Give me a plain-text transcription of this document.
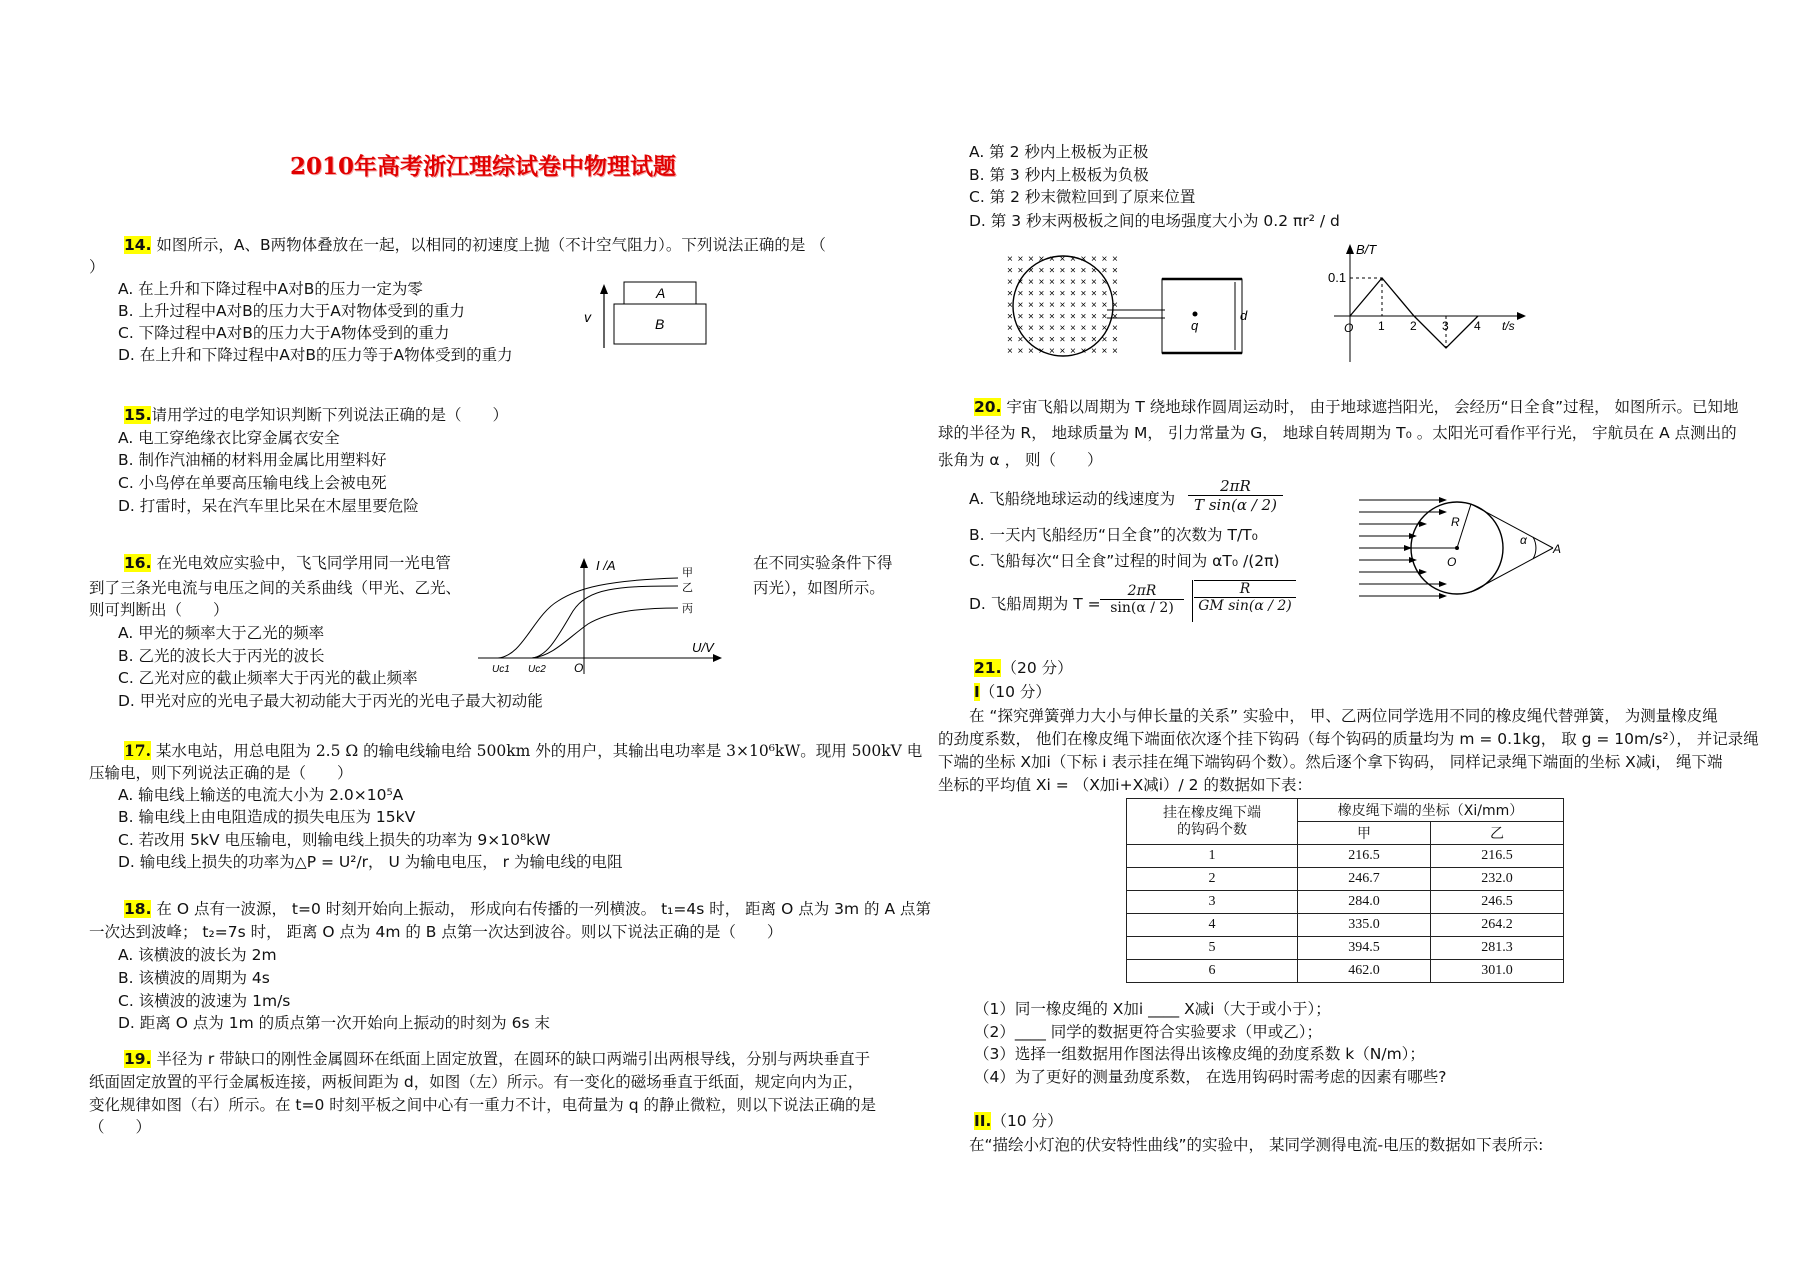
2010年高考浙江理综试卷中物理试题
14. 如图所示，A、B两物体叠放在一起，以相同的初速度上抛（不计空气阻力）。下列说法正确的是 （
）
A. 在上升和下降过程中A对B的压力一定为零
B. 上升过程中A对B的压力大于A对物体受到的重力
C. 下降过程中A对B的压力大于A物体受到的重力
D. 在上升和下降过程中A对B的压力等于A物体受到的重力
v
A
B
15.请用学过的电学知识判断下列说法正确的是（　　）
A. 电工穿绝缘衣比穿金属衣安全
B. 制作汽油桶的材料用金属比用塑料好
C. 小鸟停在单要高压输电线上会被电死
D. 打雷时，呆在汽车里比呆在木屋里要危险
16. 在光电效应实验中，飞飞同学用同一光电管	在不同实验条件下得
到了三条光电流与电压之间的关系曲线（甲光、乙光、	丙光），如图所示。
则可判断出（　　）
A. 甲光的频率大于乙光的频率
B. 乙光的波长大于丙光的波长
C. 乙光对应的截止频率大于丙光的截止频率
D. 甲光对应的光电子最大初动能大于丙光的光电子最大初动能
I /A
U/V
甲
乙
丙
Uc1 Uc2 O
17. 某水电站，用总电阻为 2.5 Ω 的输电线输电给 500km 外的用户，其输出电功率是 3×10⁶kW。现用 500kV 电
压输电，则下列说法正确的是（　　）
A. 输电线上输送的电流大小为 2.0×10⁵A
B. 输电线上由电阻造成的损失电压为 15kV
C. 若改用 5kV 电压输电，则输电线上损失的功率为 9×10⁸kW
D. 输电线上损失的功率为△P = U²/r， U 为输电电压， r 为输电线的电阻
18. 在 O 点有一波源， t=0 时刻开始向上振动， 形成向右传播的一列横波。 t₁=4s 时， 距离 O 点为 3m 的 A 点第
一次达到波峰； t₂=7s 时， 距离 O 点为 4m 的 B 点第一次达到波谷。则以下说法正确的是（　　）
A. 该横波的波长为 2m
B. 该横波的周期为 4s
C. 该横波的波速为 1m/s
D. 距离 O 点为 1m 的质点第一次开始向上振动的时刻为 6s 末
19. 半径为 r 带缺口的刚性金属圆环在纸面上固定放置，在圆环的缺口两端引出两根导线，分别与两块垂直于
纸面固定放置的平行金属板连接，两板间距为 d，如图（左）所示。有一变化的磁场垂直于纸面，规定向内为正，
变化规律如图（右）所示。在 t=0 时刻平板之间中心有一重力不计，电荷量为 q 的静止微粒，则以下说法正确的是
（　　）
A. 第 2 秒内上极板为正极
B. 第 3 秒内上极板为负极
C. 第 2 秒末微粒回到了原来位置
D. 第 3 秒末两极板之间的电场强度大小为 0.2 πr² / d
× × × × × × × × × × ×
× × × × × × × × × × ×
× × × × × × × × × × ×
× × × × × × × × × × ×
× × × × × × × × × × ×
× × × × × × × × × × ×
× × × × × × × × × × ×
× × × × × × × × × × ×
× × × × × × × × × × ×
q
d
B/T
0.1
O 1 2 3 4 t/s
20. 宇宙飞船以周期为 T 绕地球作圆周运动时， 由于地球遮挡阳光， 会经历“日全食”过程， 如图所示。已知地
球的半径为 R， 地球质量为 M， 引力常量为 G， 地球自转周期为 T₀ 。太阳光可看作平行光， 宇航员在 A 点测出的
张角为 α ， 则（　　）
A. 飞船绕地球运动的线速度为
2πR
T sin(α / 2)
B. 一天内飞船经历“日全食”的次数为 T/T₀
C. 飞船每次“日全食”过程的时间为 αT₀ /(2π)
D. 飞船周期为 T =
2πR
sin(α / 2)
R
GM sin(α / 2)
R
O
A
α
21.（20 分）
I（10 分）
在 “探究弹簧弹力大小与伸长量的关系” 实验中， 甲、乙两位同学选用不同的橡皮绳代替弹簧， 为测量橡皮绳
的劲度系数， 他们在橡皮绳下端面依次逐个挂下钩码（每个钩码的质量均为 m = 0.1kg， 取 g = 10m/s²）， 并记录绳
下端的坐标 X加i（下标 i 表示挂在绳下端钩码个数）。然后逐个拿下钩码， 同样记录绳下端面的坐标 X减i， 绳下端
坐标的平均值 Xi = （X加i+X减i）/ 2 的数据如下表：
挂在橡皮绳下端
的钩码个数	橡皮绳下端的坐标（Xi/mm）	
	甲	乙
1	216.5	216.5
2	246.7	232.0
3	284.0	246.5
4	335.0	264.2
5	394.5	281.3
6	462.0	301.0
（1）同一橡皮绳的 X加i ____ X减i（大于或小于）；
（2）____ 同学的数据更符合实验要求（甲或乙）；
（3）选择一组数据用作图法得出该橡皮绳的劲度系数 k（N/m）；
（4）为了更好的测量劲度系数， 在选用钩码时需考虑的因素有哪些?
II.（10 分）
在“描绘小灯泡的伏安特性曲线”的实验中， 某同学测得电流-电压的数据如下表所示:
